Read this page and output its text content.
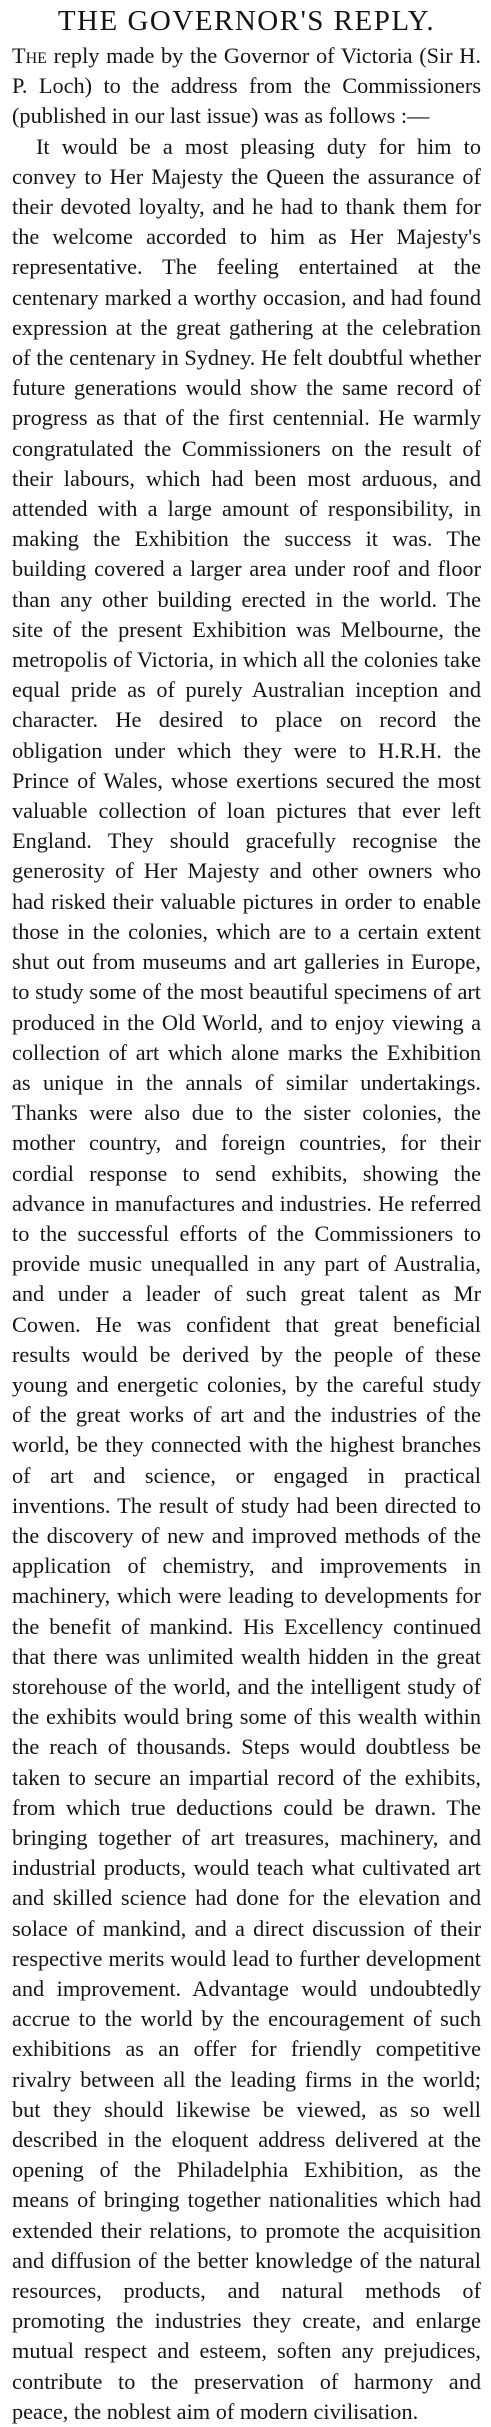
THE GOVERNOR'S REPLY.

The reply made by the Governor of Victoria (Sir H. P. Loch) to the address from the Commissioners (published in our last issue) was as follows :—

It would be a most pleasing duty for him to convey to Her Majesty the Queen the assurance of their devoted loyalty, and he had to thank them for the welcome accorded to him as Her Majesty's representative. The feeling entertained at the centenary marked a worthy occasion, and had found expression at the great gathering at the celebration of the centenary in Sydney. He felt doubtful whether future generations would show the same record of progress as that of the first centennial. He warmly congratulated the Commissioners on the result of their labours, which had been most arduous, and attended with a large amount of responsibility, in making the Exhibition the success it was. The building covered a larger area under roof and floor than any other building erected in the world. The site of the present Exhibition was Melbourne, the metropolis of Victoria, in which all the colonies take equal pride as of purely Australian inception and character. He desired to place on record the obligation under which they were to H.R.H. the Prince of Wales, whose exertions secured the most valuable collection of loan pictures that ever left England. They should gracefully recognise the generosity of Her Majesty and other owners who had risked their valuable pictures in order to enable those in the colonies, which are to a certain extent shut out from museums and art galleries in Europe, to study some of the most beautiful specimens of art produced in the Old World, and to enjoy viewing a collection of art which alone marks the Exhibition as unique in the annals of similar undertakings. Thanks were also due to the sister colonies, the mother country, and foreign countries, for their cordial response to send exhibits, showing the advance in manufactures and industries. He referred to the successful efforts of the Commissioners to provide music unequalled in any part of Australia, and under a leader of such great talent as Mr Cowen. He was confident that great beneficial results would be derived by the people of these young and energetic colonies, by the careful study of the great works of art and the industries of the world, be they connected with the highest branches of art and science, or engaged in practical inventions. The result of study had been directed to the discovery of new and improved methods of the application of chemistry, and improvements in machinery, which were leading to developments for the benefit of mankind. His Excellency continued that there was unlimited wealth hidden in the great storehouse of the world, and the intelligent study of the exhibits would bring some of this wealth within the reach of thousands. Steps would doubtless be taken to secure an impartial record of the exhibits, from which true deductions could be drawn. The bringing together of art treasures, machinery, and industrial products, would teach what cultivated art and skilled science had done for the elevation and solace of mankind, and a direct discussion of their respective merits would lead to further development and improvement. Advantage would undoubtedly accrue to the world by the encouragement of such exhibitions as an offer for friendly competitive rivalry between all the leading firms in the world; but they should likewise be viewed, as so well described in the eloquent address delivered at the opening of the Philadelphia Exhibition, as the means of bringing together nationalities which had extended their relations, to promote the acquisition and diffusion of the better knowledge of the natural resources, products, and natural methods of promoting the industries they create, and enlarge mutual respect and esteem, soften any prejudices, contribute to the preservation of harmony and peace, the noblest aim of modern civilisation.
